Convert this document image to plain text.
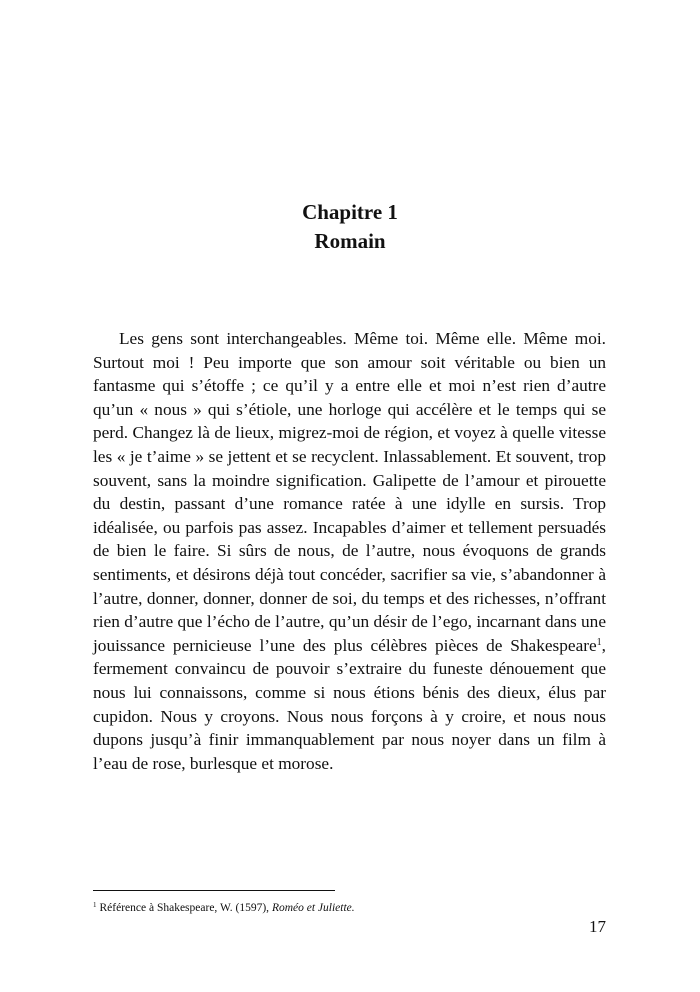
Chapitre 1
Romain

Les gens sont interchangeables. Même toi. Même elle. Même moi. Surtout moi ! Peu importe que son amour soit véritable ou bien un fantasme qui s’étoffe ; ce qu’il y a entre elle et moi n’est rien d’autre qu’un « nous » qui s’étiole, une horloge qui accélère et le temps qui se perd. Changez là de lieux, migrez-moi de région, et voyez à quelle vitesse les « je t’aime » se jettent et se recyclent. Inlassablement. Et souvent, trop souvent, sans la moindre signification. Galipette de l’amour et pirouette du destin, passant d’une romance ratée à une idylle en sursis. Trop idéalisée, ou parfois pas assez. Incapables d’aimer et tellement persuadés de bien le faire. Si sûrs de nous, de l’autre, nous évoquons de grands sentiments, et désirons déjà tout concéder, sacrifier sa vie, s’abandonner à l’autre, donner, donner, donner de soi, du temps et des richesses, n’offrant rien d’autre que l’écho de l’autre, qu’un désir de l’ego, incarnant dans une jouissance pernicieuse l’une des plus célèbres pièces de Shakespeare$^1$, fermement convaincu de pouvoir s’extraire du funeste dénouement que nous lui connaissons, comme si nous étions bénis des dieux, élus par cupidon. Nous y croyons. Nous nous forçons à y croire, et nous nous dupons jusqu’à finir immanquablement par nous noyer dans un film à l’eau de rose, burlesque et morose.

$^1$ Référence à Shakespeare, W. (1597), Roméo et Juliette.
17
